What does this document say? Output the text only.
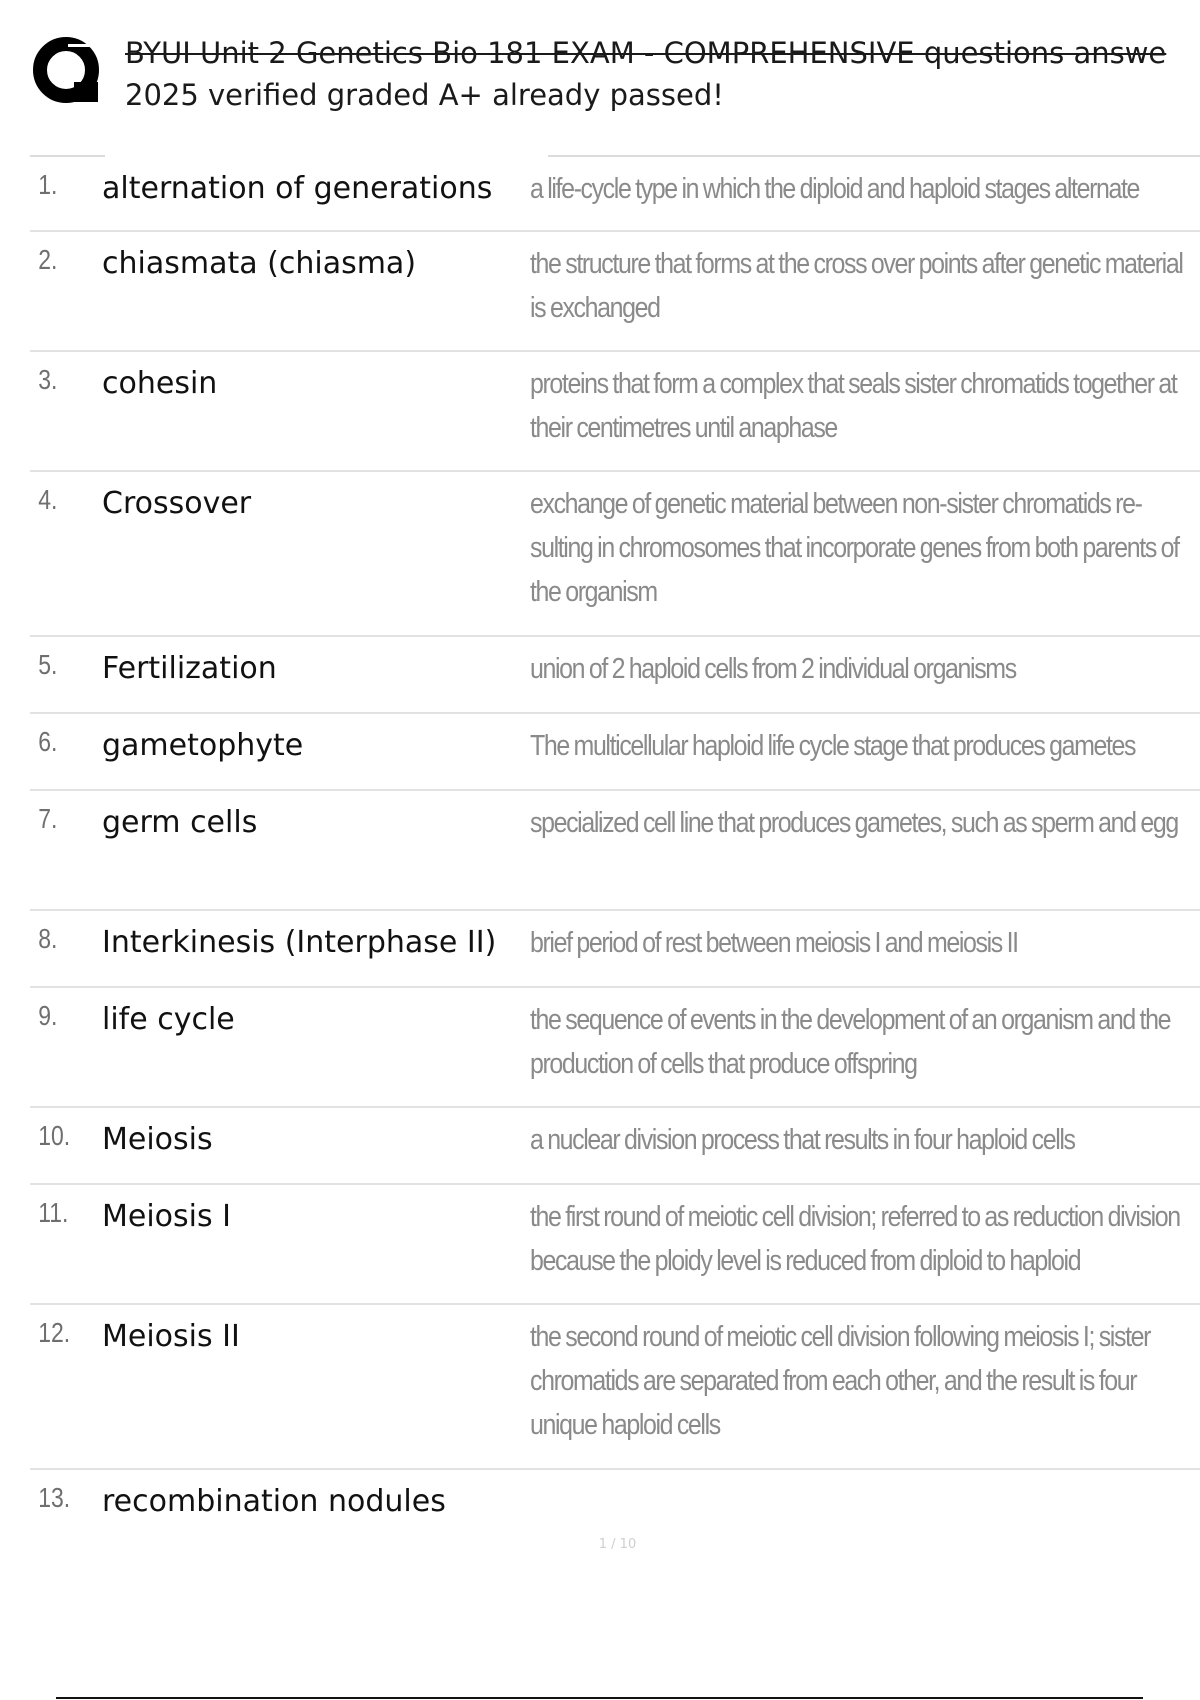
BYUI Unit 2 Genetics Bio 181 EXAM - COMPREHENSIVE questions answe
2025 verified graded A+ already passed!
1.	alternation of generations	a life-cycle type in which the diploid and haploid stages alternate
2.	chiasmata (chiasma)	the structure that forms at the cross over points after genetic material is exchanged
3.	cohesin	proteins that form a complex that seals sister chromatids together at their centimetres until anaphase
4.	Crossover	exchange of genetic material between non-sister chromatids re- sulting in chromosomes that incorporate genes from both parents of the organism
5.	Fertilization	union of 2 haploid cells from 2 individual organisms
6.	gametophyte	The multicellular haploid life cycle stage that produces gametes
7.	germ cells	specialized cell line that produces gametes, such as sperm and egg
8.	Interkinesis (Interphase II)	brief period of rest between meiosis I and meiosis II
9.	life cycle	the sequence of events in the development of an organism and the production of cells that produce offspring
10.	Meiosis	a nuclear division process that results in four haploid cells
11.	Meiosis I	the first round of meiotic cell division; referred to as reduction division because the ploidy level is reduced from diploid to haploid
12.	Meiosis II	the second round of meiotic cell division following meiosis I; sister chromatids are separated from each other, and the result is four unique haploid cells
13.	recombination nodules
1 / 10
